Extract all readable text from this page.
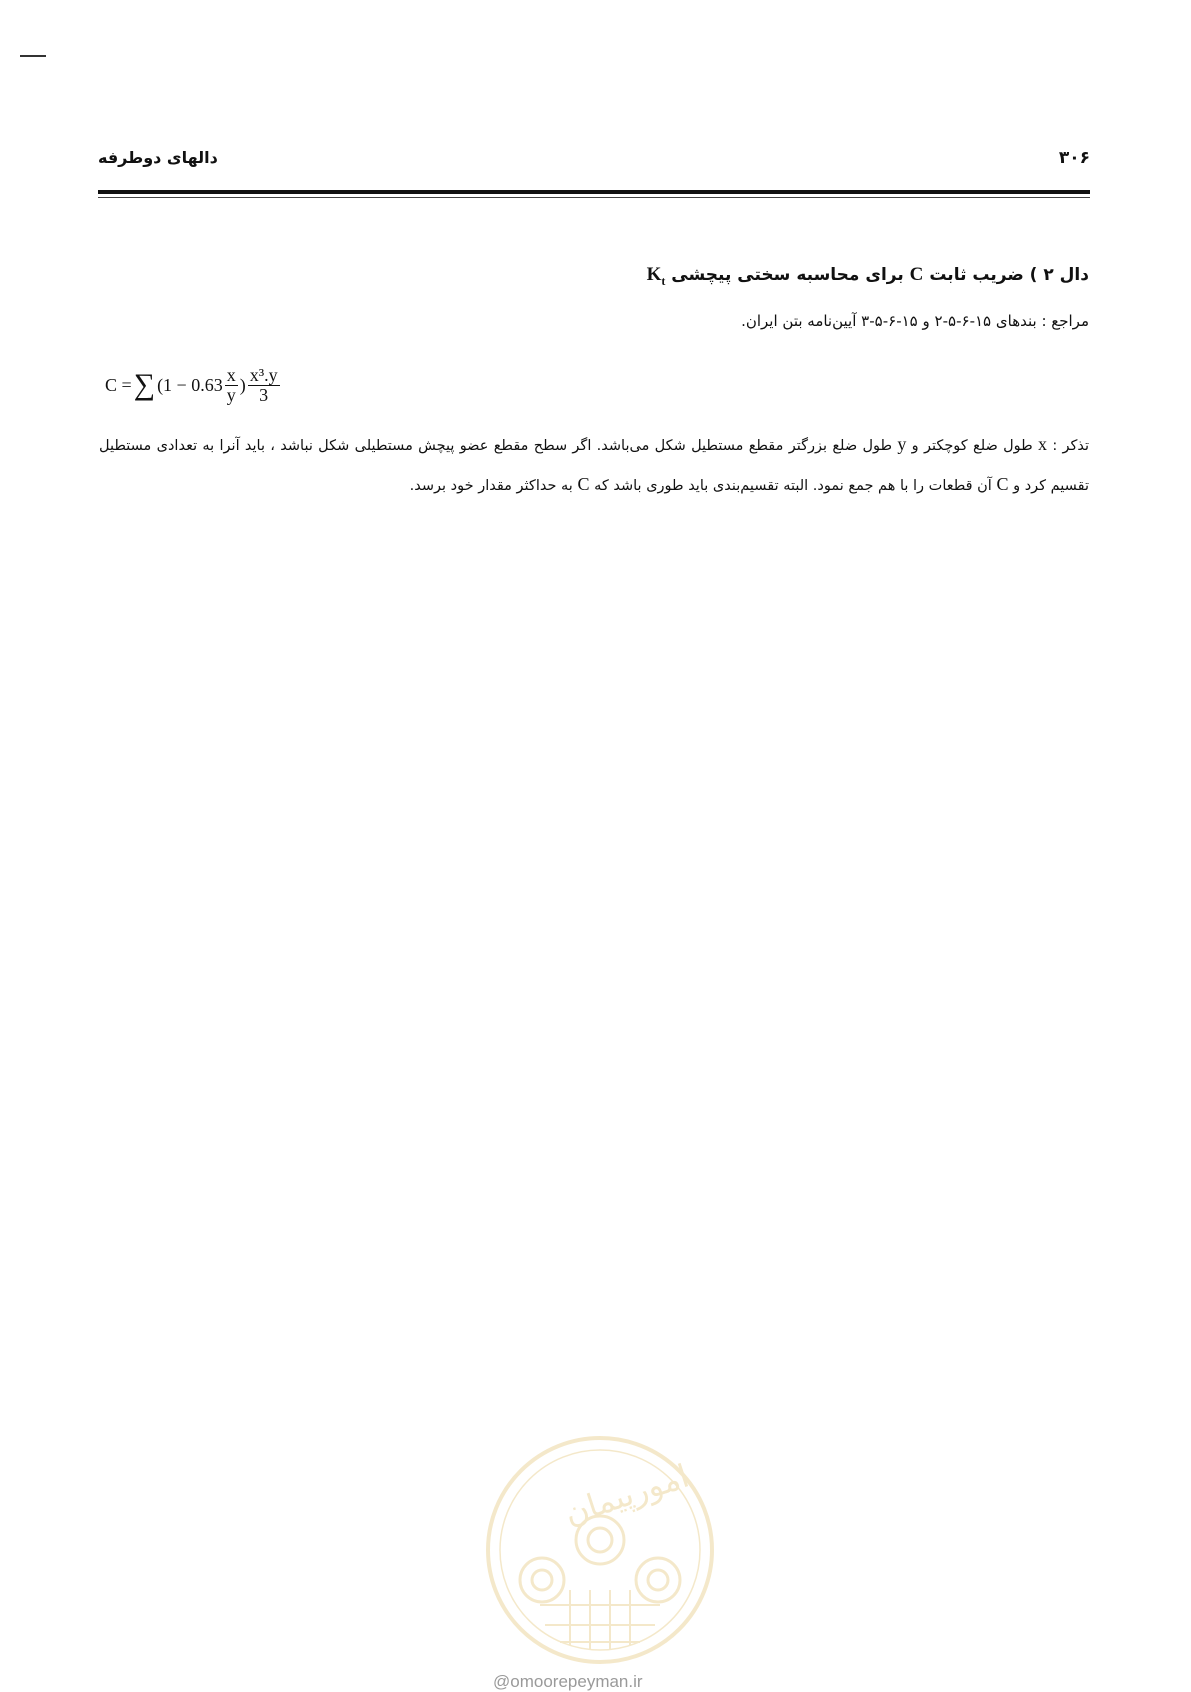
۳۰۶
دالهای دوطرفه
دال ۲ ) ضریب ثابت C برای محاسبه سختی پیچشی $K_t$
مراجع : بندهای ۱۵-۶-۵-۲ و ۱۵-۶-۵-۳ آیین‌نامه بتن ایران.
C = ∑ ($1 - 0.63 \frac{x}{y}$ ) $\frac{\text{x³.y}}{3}$
تذکر : x طول ضلع کوچکتر و y طول ضلع بزرگتر مقطع مستطیل شکل می‌باشد. اگر سطح مقطع عضو پیچش مستطیلی شکل نباشد ، باید آنرا به تعدادی مستطیل تقسیم کرد و C آن قطعات را با هم جمع نمود. البته تقسیم‌بندی باید طوری باشد که C به حداکثر مقدار خود برسد.
امورپیمان
@omoorepeyman.ir
